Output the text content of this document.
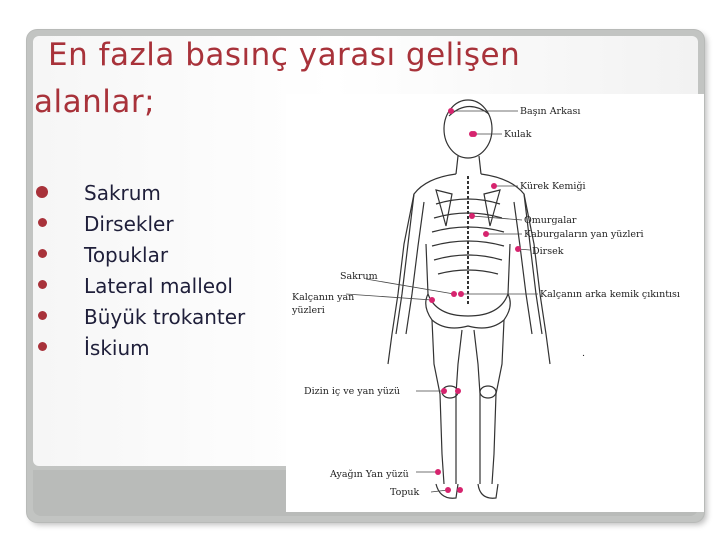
En fazla basınç yarası gelişen
alanlar;
Sakrum
Dirsekler
Topuklar
Lateral malleol
Büyük trokanter
İskium
Başın Arkası
Kulak
Kürek Kemiği
Omurgalar
Kaburgaların yan yüzleri
Dirsek
Sakrum
Kalçanın yan
yüzleri
Kalçanın arka kemik çıkıntısı
Dizin iç ve yan yüzü
Ayağın Yan yüzü
Topuk
.
